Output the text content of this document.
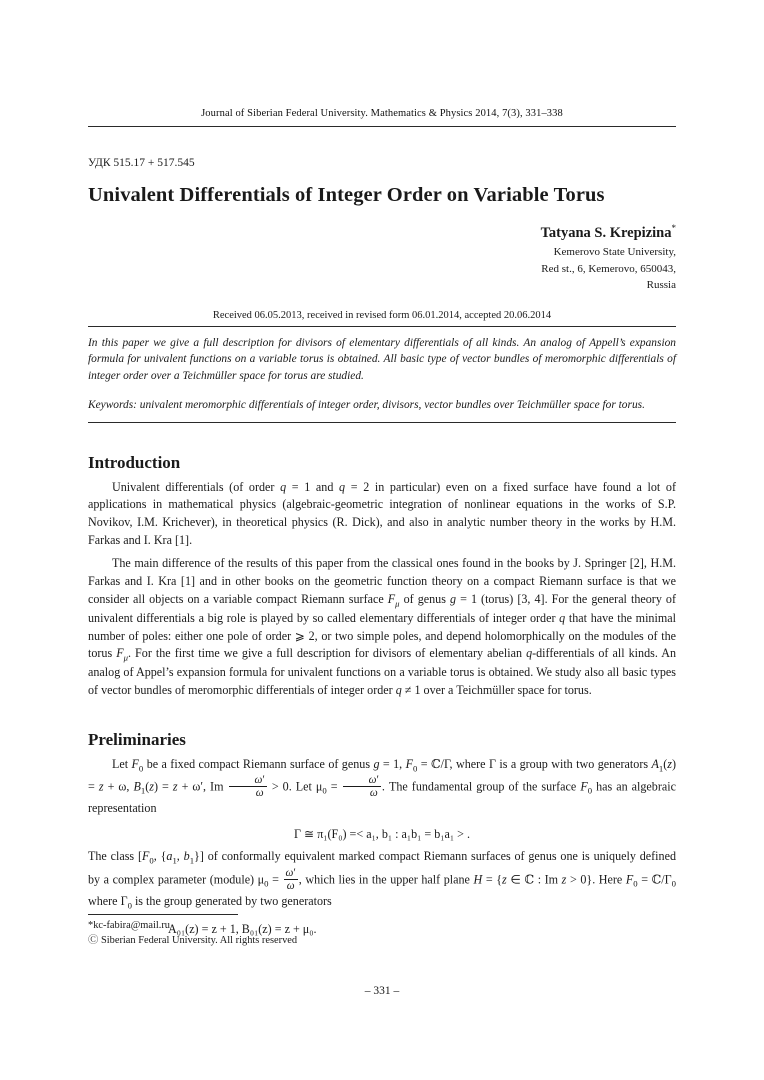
Journal of Siberian Federal University. Mathematics & Physics 2014, 7(3), 331–338
УДК 515.17 + 517.545
Univalent Differentials of Integer Order on Variable Torus
Tatyana S. Krepizina*
Kemerovo State University,
Red st., 6, Kemerovo, 650043,
Russia
Received 06.05.2013, received in revised form 06.01.2014, accepted 20.06.2014
In this paper we give a full description for divisors of elementary differentials of all kinds. An analog of Appell’s expansion formula for univalent functions on a variable torus is obtained. All basic type of vector bundles of meromorphic differentials of integer order over a Teichmüller space for torus are studied.
Keywords: univalent meromorphic differentials of integer order, divisors, vector bundles over Teichmüller space for torus.
Introduction

Univalent differentials (of order q = 1 and q = 2 in particular) even on a fixed surface have found a lot of applications in mathematical physics (algebraic-geometric integration of nonlinear equations in the works of S.P. Novikov, I.M. Krichever), in theoretical physics (R. Dick), and also in analytic number theory in the works by H.M. Farkas and I. Kra [1].

The main difference of the results of this paper from the classical ones found in the books by J. Springer [2], H.M. Farkas and I. Kra [1] and in other books on the geometric function theory on a compact Riemann surface is that we consider all objects on a variable compact Riemann surface $F_\mu$ of genus g = 1 (torus) [3, 4]. For the general theory of univalent differentials a big role is played by so called elementary differentials of integer order q that have the minimal number of poles: either one pole of order ⩾ 2, or two simple poles, and depend holomorphically on the modules of the torus $F_\mu$. For the first time we give a full description for divisors of elementary abelian q-differentials of all kinds. An analog of Appel’s expansion formula for univalent functions on a variable torus is obtained. We study also all basic types of vector bundles of meromorphic differentials of integer order q ≠ 1 over a Teichmüller space for torus.

Preliminaries

Let $F_0$ be a fixed compact Riemann surface of genus g = 1, $F_0$ = ℂ/Γ, where Γ is a group with two generators $A_1(z) = z + \omega$, $B_1(z) = z + \omega'$, Im $\frac{\omega'}{\omega} > 0$. Let $\mu_0 = \frac{\omega'}{\omega}$ . The fundamental group of the surface $F_0$ has an algebraic representation

Γ ≅ π₁(F₀) =< a₁, b₁ : a₁b₁ = b₁a₁ > .

The class [$F_0$, {$a_1$, $b_1$}] of conformally equivalent marked compact Riemann surfaces of genus one is uniquely defined by a complex parameter (module) $\mu_0 = \frac{\omega'}{\omega}$ , which lies in the upper half plane H = {z ∈ ℂ : Im z > 0}. Here $F_0$ = $ℂ/\Gamma_0$ where $\Gamma_0$ is the group generated by two generators

A₀₁(z) = z + 1, B₀₁(z) = z + μ₀.
*kc-fabira@mail.ru
Ⓒ Siberian Federal University. All rights reserved
– 331 –
